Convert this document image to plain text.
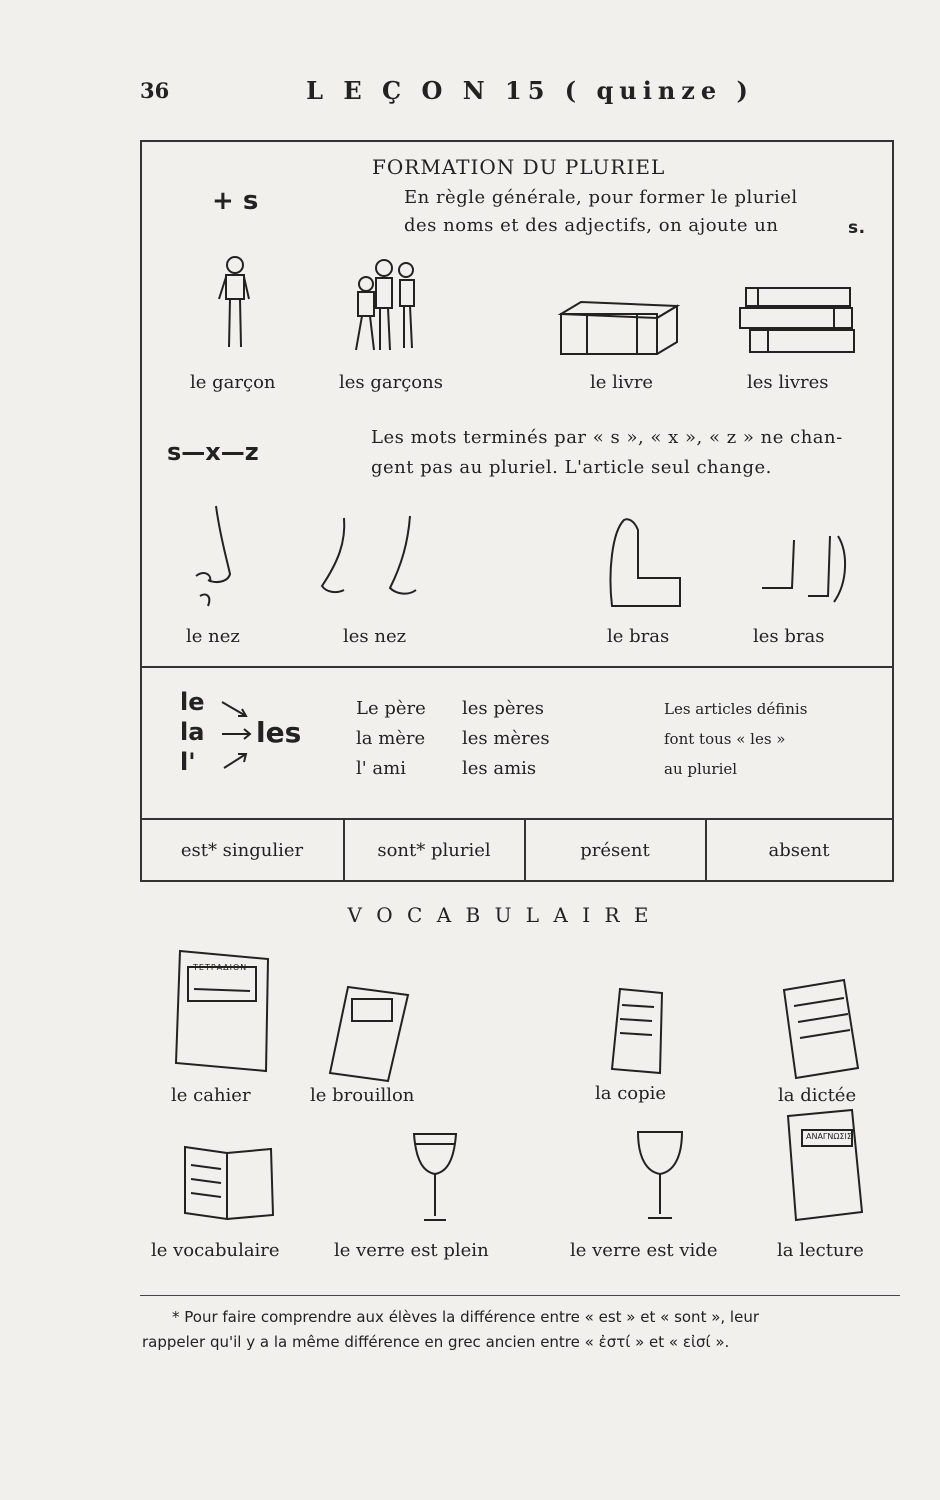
36	L E Ç O N 15 ( quinze )
FORMATION DU PLURIEL
+ s	En règle générale, pour former le pluriel
des noms et des adjectifs, on ajoute un	s.
le garçon	les garçons	le livre	les livres
s—x—z
Les mots terminés par « s », « x », « z » ne chan-
gent pas au pluriel. L'article seul change.
le nez	les nez	le bras	les bras
le
la
l'
les
Le père les pères
la mère les mères
l' ami	les amis
Les articles définis
font tous « les »
au pluriel
est* singulier	sont* pluriel	présent	absent
V O C A B U L A I R E
ΤΕΤΡΑΔΙΟΝ
le cahier	le brouillon	la copie	la dictée
ΑΝΑΓΝΩΣΙΣ
le vocabulaire	le verre est plein	le verre est vide	la lecture
* Pour faire comprendre aux élèves la différence entre « est » et « sont », leur
rappeler qu'il y a la même différence en grec ancien entre « ἐστί » et « εἰσί ».
